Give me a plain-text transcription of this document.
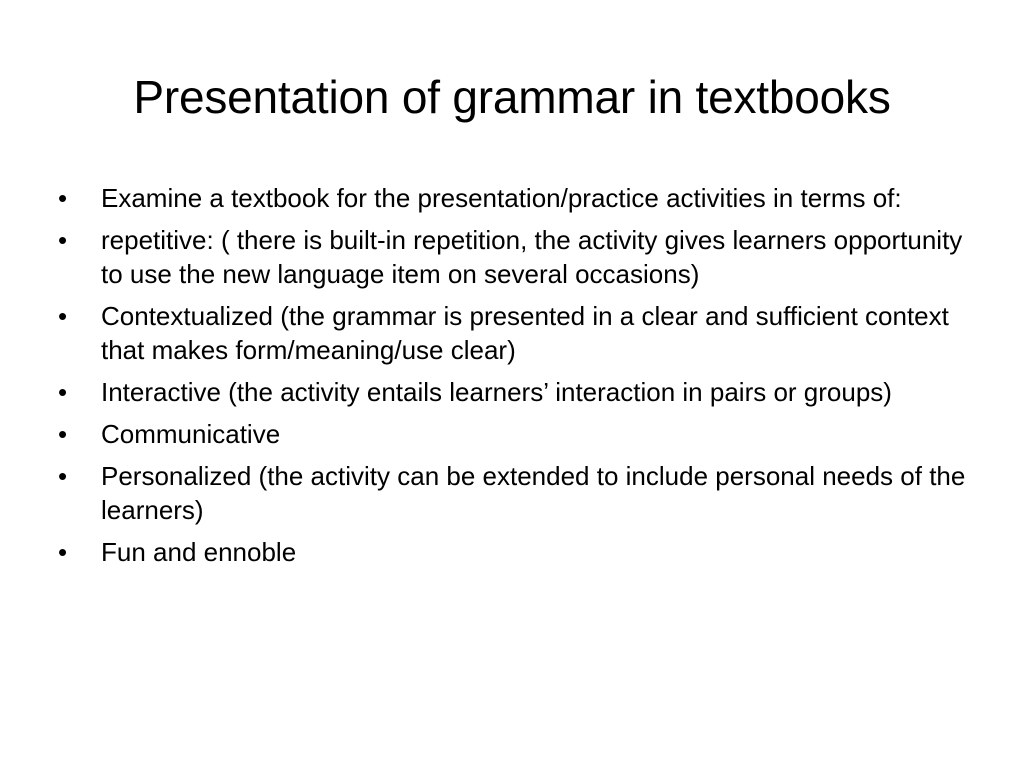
Presentation of grammar in textbooks
•	Examine a textbook for the presentation/practice activities in terms of:
•	repetitive: ( there is built-in repetition, the activity gives learners opportunity to use the new language item on several occasions)
•	Contextualized (the grammar is presented in a clear and sufficient context that makes form/meaning/use clear)
•	Interactive (the activity entails learners’ interaction in pairs or groups)
•	Communicative
•	Personalized (the activity can be extended to include personal needs of the learners)
•	Fun and ennoble
